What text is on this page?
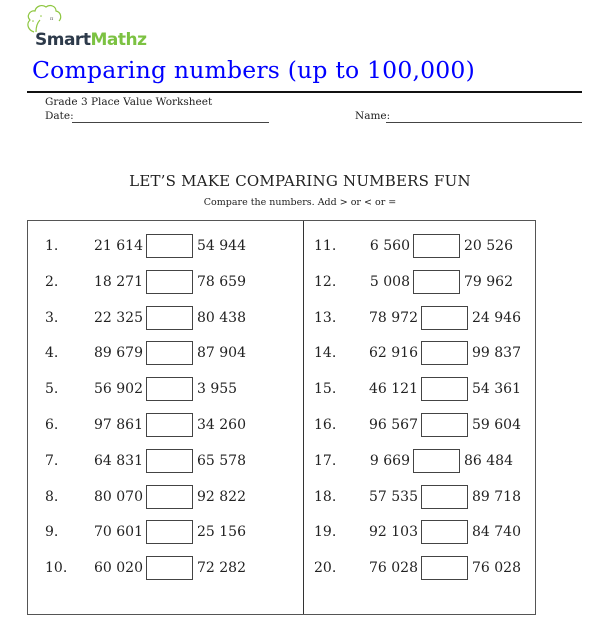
π
SmartMathz
Comparing numbers (up to 100,000)
Grade 3 Place Value Worksheet
Date:	Name:
LET’S MAKE COMPARING NUMBERS FUN
Compare the numbers. Add > or < or =
1.	21 614	54 944
2.	18 271	78 659
3.	22 325	80 438
4.	89 679	87 904
5.	56 902	3 955
6.	97 861	34 260
7.	64 831	65 578
8.	80 070	92 822
9.	70 601	25 156
10. 60 020	72 282
11. 6 560	20 526
12. 5 008	79 962
13. 78 972	24 946
14. 62 916	99 837
15. 46 121	54 361
16. 96 567	59 604
17. 9 669	86 484
18. 57 535	89 718
19. 92 103	84 740
20. 76 028	76 028
